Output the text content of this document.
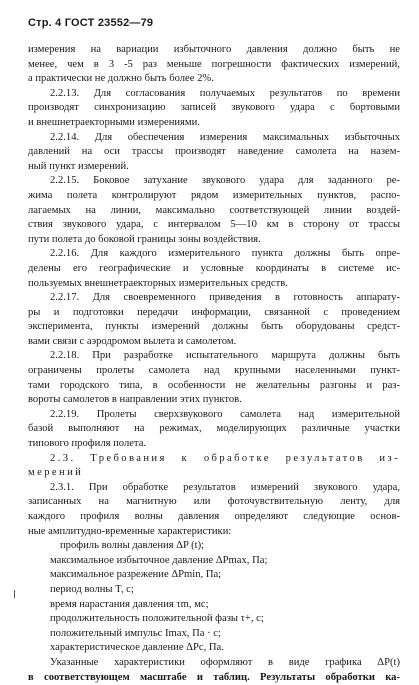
Стр. 4 ГОСТ 23552—79
измерения на вариации избыточного давления должно быть не
менее, чем в 3 -5 раз меньше погрешности фактических измерений,
а практически не должно быть более 2%.
2.2.13. Для согласования получаемых результатов по времени
производят синхронизацию записей звукового удара с бортовыми
и внешнетраекторными измерениями.
2.2.14. Для обеспечения измерения максимальных избыточных
давлений на оси трассы производят наведение самолета на назем-
ный пункт измерений.
2.2.15. Боковое затухание звукового удара для заданного ре-
жима полета контролируют рядом измерительных пунктов, распо-
лагаемых на линии, максимально соответствующей линии воздей-
ствия звукового удара, с интервалом 5—10 км в сторону от трассы
пути полета до боковой границы зоны воздействия.
2.2.16. Для каждого измерительного пункта должны быть опре-
делены его географические и условные координаты в системе ис-
пользуемых внешнетраекторных измерительных средств.
2.2.17. Для своевременного приведения в готовность аппарату-
ры и подготовки передачи информации, связанной с проведением
эксперимента, пункты измерений должны быть оборудованы средст-
вами связи с аэродромом вылета и самолетом.
2.2.18. При разработке испытательного маршрута должны быть
ограничены пролеты самолета над крупными населенными пункт-
тами городского типа, в особенности не желательны разгоны и раз-
вороты самолетов в направлении этих пунктов.
2.2.19. Пролеты сверхзвукового самолета над измерительной
базой выполняют на режимах, моделирующих различные участки
типового профиля полета.
2.3. Требования к обработке результатов из-
мерений
2.3.1. При обработке результатов измерений звукового удара,
записанных на магнитную или фоточувствительную ленту, для
каждого профиля волны давления определяют следующие основ-
ные амплитудно-временные характеристики:
профиль волны давления ΔP (t);
максимальное избыточное давление ΔPmax, Па;
максимальное разрежение ΔPmin, Па;
период волны T, с;
время нарастания давления τm, мс;
продолжительность положительной фазы τ+, с;
положительный импульс Imax, Па · с;
характеристическое давление ΔPc, Па.
Указанные характеристики оформляют в виде графика ΔP(t)
в соответствующем масштабе и таблиц. Результаты обработки ка-
